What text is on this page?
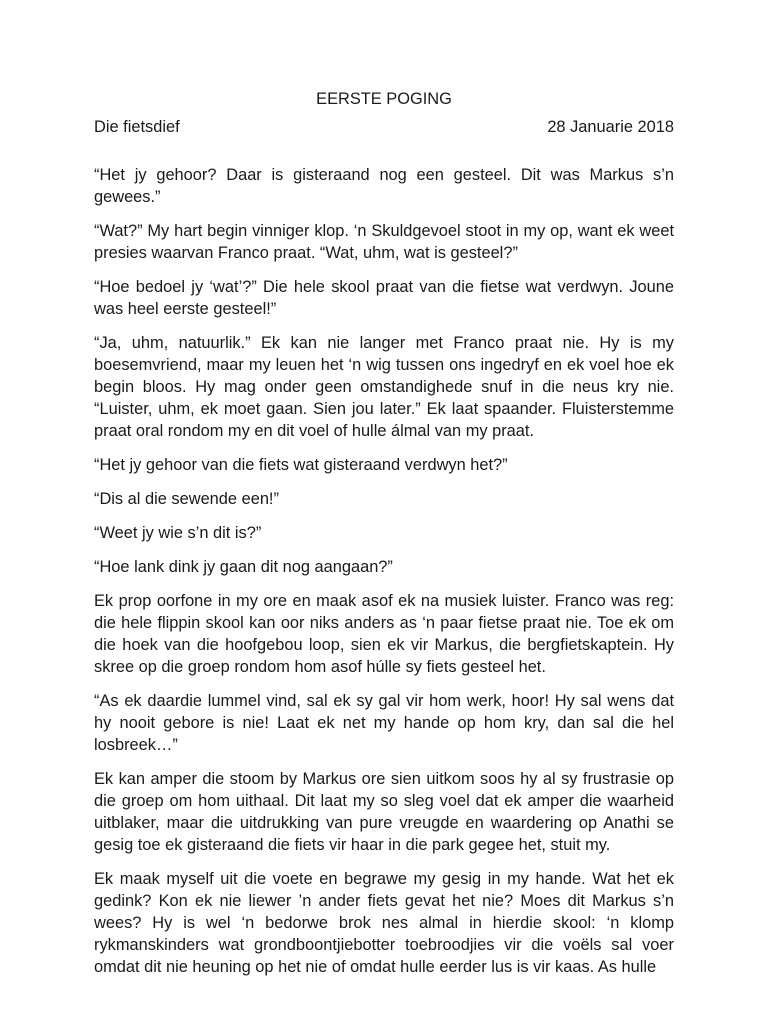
EERSTE POGING
Die fietsdief	28 Januarie 2018

“Het jy gehoor? Daar is gisteraand nog een gesteel. Dit was Markus s’n gewees.”

“Wat?” My hart begin vinniger klop. ‘n Skuldgevoel stoot in my op, want ek weet presies waarvan Franco praat. “Wat, uhm, wat is gesteel?”

“Hoe bedoel jy ‘wat’?” Die hele skool praat van die fietse wat verdwyn. Joune was heel eerste gesteel!”

“Ja, uhm, natuurlik.” Ek kan nie langer met Franco praat nie. Hy is my boesemvriend, maar my leuen het ‘n wig tussen ons ingedryf en ek voel hoe ek begin bloos. Hy mag onder geen omstandighede snuf in die neus kry nie. “Luister, uhm, ek moet gaan. Sien jou later.” Ek laat spaander. Fluisterstemme praat oral rondom my en dit voel of hulle álmal van my praat.

“Het jy gehoor van die fiets wat gisteraand verdwyn het?”

“Dis al die sewende een!”

“Weet jy wie s’n dit is?”

“Hoe lank dink jy gaan dit nog aangaan?”

Ek prop oorfone in my ore en maak asof ek na musiek luister. Franco was reg: die hele flippin skool kan oor niks anders as ‘n paar fietse praat nie. Toe ek om die hoek van die hoofgebou loop, sien ek vir Markus, die bergfietskaptein. Hy skree op die groep rondom hom asof húlle sy fiets gesteel het.

“As ek daardie lummel vind, sal ek sy gal vir hom werk, hoor! Hy sal wens dat hy nooit gebore is nie! Laat ek net my hande op hom kry, dan sal die hel losbreek…”

Ek kan amper die stoom by Markus ore sien uitkom soos hy al sy frustrasie op die groep om hom uithaal. Dit laat my so sleg voel dat ek amper die waarheid uitblaker, maar die uitdrukking van pure vreugde en waardering op Anathi se gesig toe ek gisteraand die fiets vir haar in die park gegee het, stuit my.

Ek maak myself uit die voete en begrawe my gesig in my hande. Wat het ek gedink? Kon ek nie liewer ’n ander fiets gevat het nie? Moes dit Markus s’n wees? Hy is wel ‘n bedorwe brok nes almal in hierdie skool: ‘n klomp rykmanskinders wat grondboontjiebotter toebroodjies vir die voëls sal voer omdat dit nie heuning op het nie of omdat hulle eerder lus is vir kaas. As hulle
